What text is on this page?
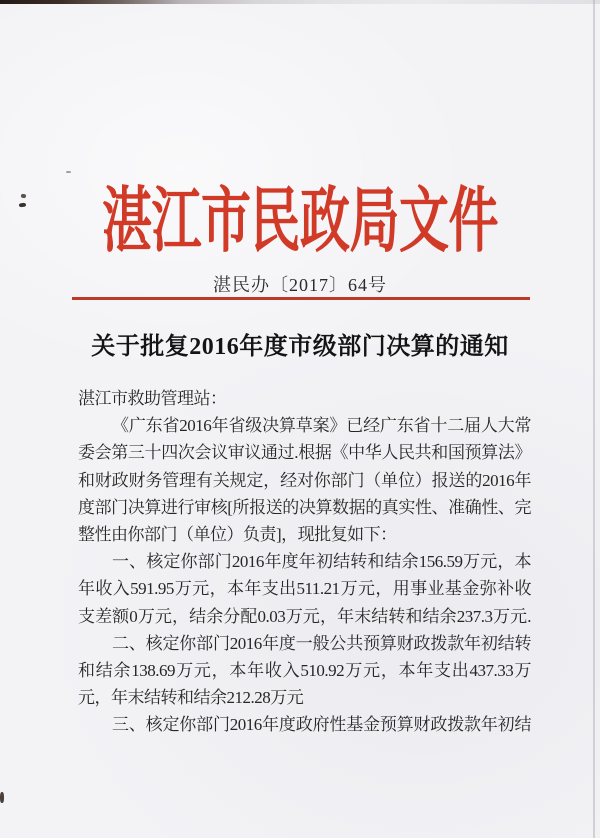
湛江市民政局文件
湛民办〔2017〕64号
关于批复2016年度市级部门决算的通知
湛江市救助管理站：
《广东省2016年省级决算草案》已经广东省十二届人大常
委会第三十四次会议审议通过.根据《中华人民共和国预算法》
和财政财务管理有关规定，经对你部门（单位）报送的2016年
度部门决算进行审核[所报送的决算数据的真实性、准确性、完
整性由你部门（单位）负责]，现批复如下：
一、核定你部门2016年度年初结转和结余156.59万元，本
年收入591.95万元，本年支出511.21万元，用事业基金弥补收
支差额0万元，结余分配0.03万元，年末结转和结余237.3万元.
二、核定你部门2016年度一般公共预算财政拨款年初结转
和结余138.69万元，本年收入510.92万元，本年支出437.33万
元，年末结转和结余212.28万元
三、核定你部门2016年度政府性基金预算财政拨款年初结
